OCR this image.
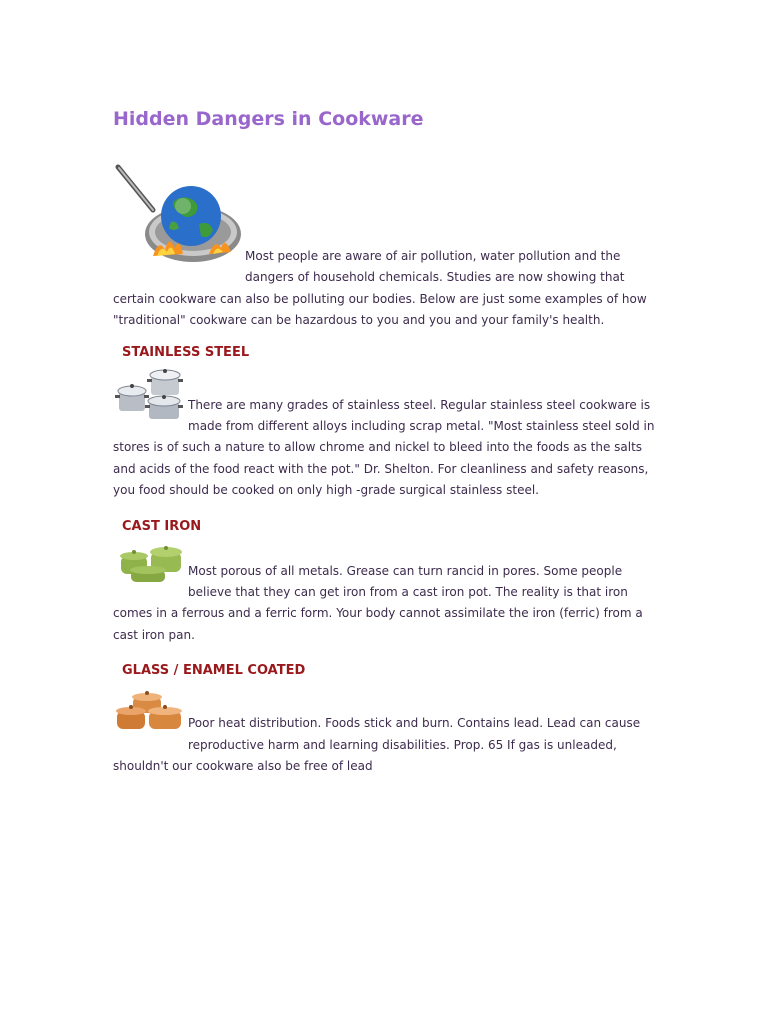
Hidden Dangers in Cookware

Most people are aware of air pollution, water pollution and the dangers of household chemicals. Studies are now showing that certain cookware can also be polluting our bodies. Below are just some examples of how "traditional" cookware can be hazardous to you and you and your family's health.

STAINLESS STEEL

There are many grades of stainless steel. Regular stainless steel cookware is made from different alloys including scrap metal. "Most stainless steel sold in stores is of such a nature to allow chrome and nickel to bleed into the foods as the salts and acids of the food react with the pot." Dr. Shelton. For cleanliness and safety reasons, you food should be cooked on only high -grade surgical stainless steel.

CAST IRON

Most porous of all metals. Grease can turn rancid in pores. Some people believe that they can get iron from a cast iron pot. The reality is that iron comes in a ferrous and a ferric form. Your body cannot assimilate the iron (ferric) from a cast iron pan.

GLASS / ENAMEL COATED

Poor heat distribution. Foods stick and burn. Contains lead. Lead can cause reproductive harm and learning disabilities. Prop. 65 If gas is unleaded, shouldn't our cookware also be free of lead
